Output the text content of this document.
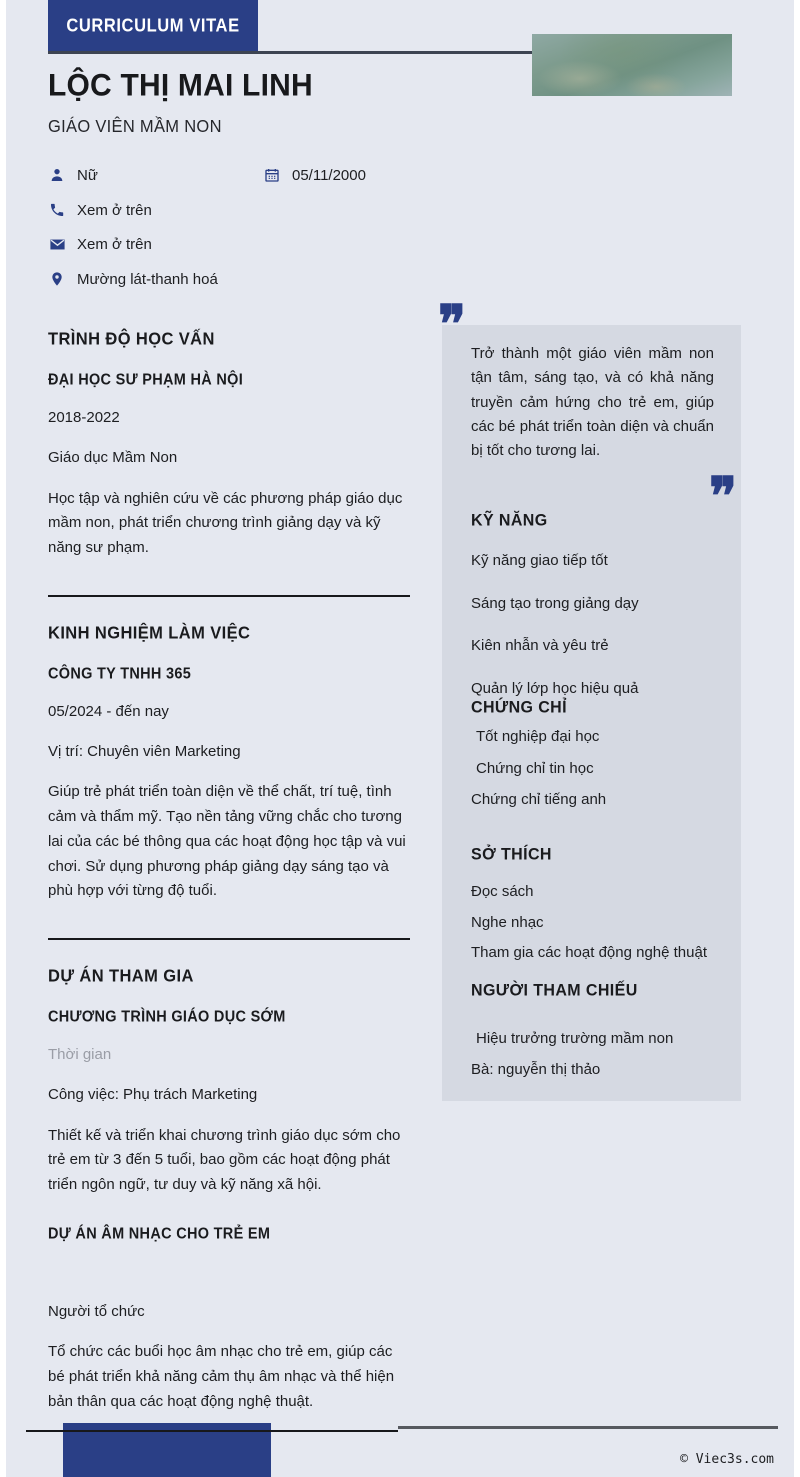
CURRICULUM VITAE
LỘC THỊ MAI LINH
GIÁO VIÊN MẦM NON
Nữ	05/11/2000
Xem ở trên
Xem ở trên
Mường lát-thanh hoá
TRÌNH ĐỘ HỌC VẤN
ĐẠI HỌC SƯ PHẠM HÀ NỘI
2018-2022
Giáo dục Mầm Non
Học tập và nghiên cứu về các phương pháp giáo dục mầm non, phát triển chương trình giảng dạy và kỹ năng sư phạm.
KINH NGHIỆM LÀM VIỆC
CÔNG TY TNHH 365
05/2024 - đến nay
Vị trí: Chuyên viên Marketing
Giúp trẻ phát triển toàn diện về thể chất, trí tuệ, tình cảm và thẩm mỹ. Tạo nền tảng vững chắc cho tương lai của các bé thông qua các hoạt động học tập và vui chơi. Sử dụng phương pháp giảng dạy sáng tạo và phù hợp với từng độ tuổi.
DỰ ÁN THAM GIA
CHƯƠNG TRÌNH GIÁO DỤC SỚM
Thời gian
Công việc: Phụ trách Marketing
Thiết kế và triển khai chương trình giáo dục sớm cho trẻ em từ 3 đến 5 tuổi, bao gồm các hoạt động phát triển ngôn ngữ, tư duy và kỹ năng xã hội.
DỰ ÁN ÂM NHẠC CHO TRẺ EM

Người tổ chức
Tổ chức các buổi học âm nhạc cho trẻ em, giúp các bé phát triển khả năng cảm thụ âm nhạc và thể hiện bản thân qua các hoạt động nghệ thuật.
❞
❞
Trở thành một giáo viên mầm non tận tâm, sáng tạo, và có khả năng truyền cảm hứng cho trẻ em, giúp các bé phát triển toàn diện và chuẩn bị tốt cho tương lai.
KỸ NĂNG
Kỹ năng giao tiếp tốt
Sáng tạo trong giảng dạy
Kiên nhẫn và yêu trẻ
Quản lý lớp học hiệu quả
CHỨNG CHỈ
Tốt nghiệp đại học
Chứng chỉ tin học
Chứng chỉ tiếng anh
SỞ THÍCH
Đọc sách
Nghe nhạc
Tham gia các hoạt động nghệ thuật
NGƯỜI THAM CHIẾU
Hiệu trưởng trường mầm non
Bà: nguyễn thị thảo
© Viec3s.com
